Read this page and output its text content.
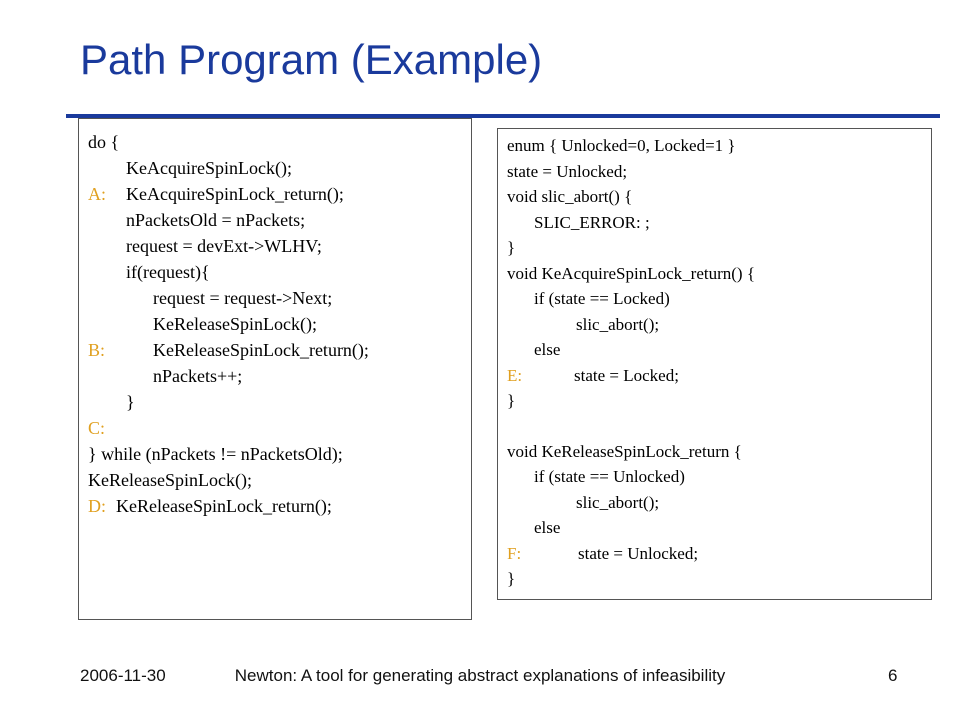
Path Program (Example)
do {
KeAcquireSpinLock();
A: KeAcquireSpinLock_return();
nPacketsOld = nPackets;
request = devExt->WLHV;
if(request){
request = request->Next;
KeReleaseSpinLock();
B:	KeReleaseSpinLock_return();
nPackets++;
}
C:
} while (nPackets != nPacketsOld);
KeReleaseSpinLock();
D: KeReleaseSpinLock_return();
enum { Unlocked=0, Locked=1 }
state = Unlocked;
void slic_abort() {
SLIC_ERROR: ;
}
void KeAcquireSpinLock_return() {
if (state == Locked)
slic_abort();
else
E:	state = Locked;
}
void KeReleaseSpinLock_return {
if (state == Unlocked)
slic_abort();
else
F:	state = Unlocked;
}
2006-11-30	Newton: A tool for generating abstract explanations of infeasibility	6
